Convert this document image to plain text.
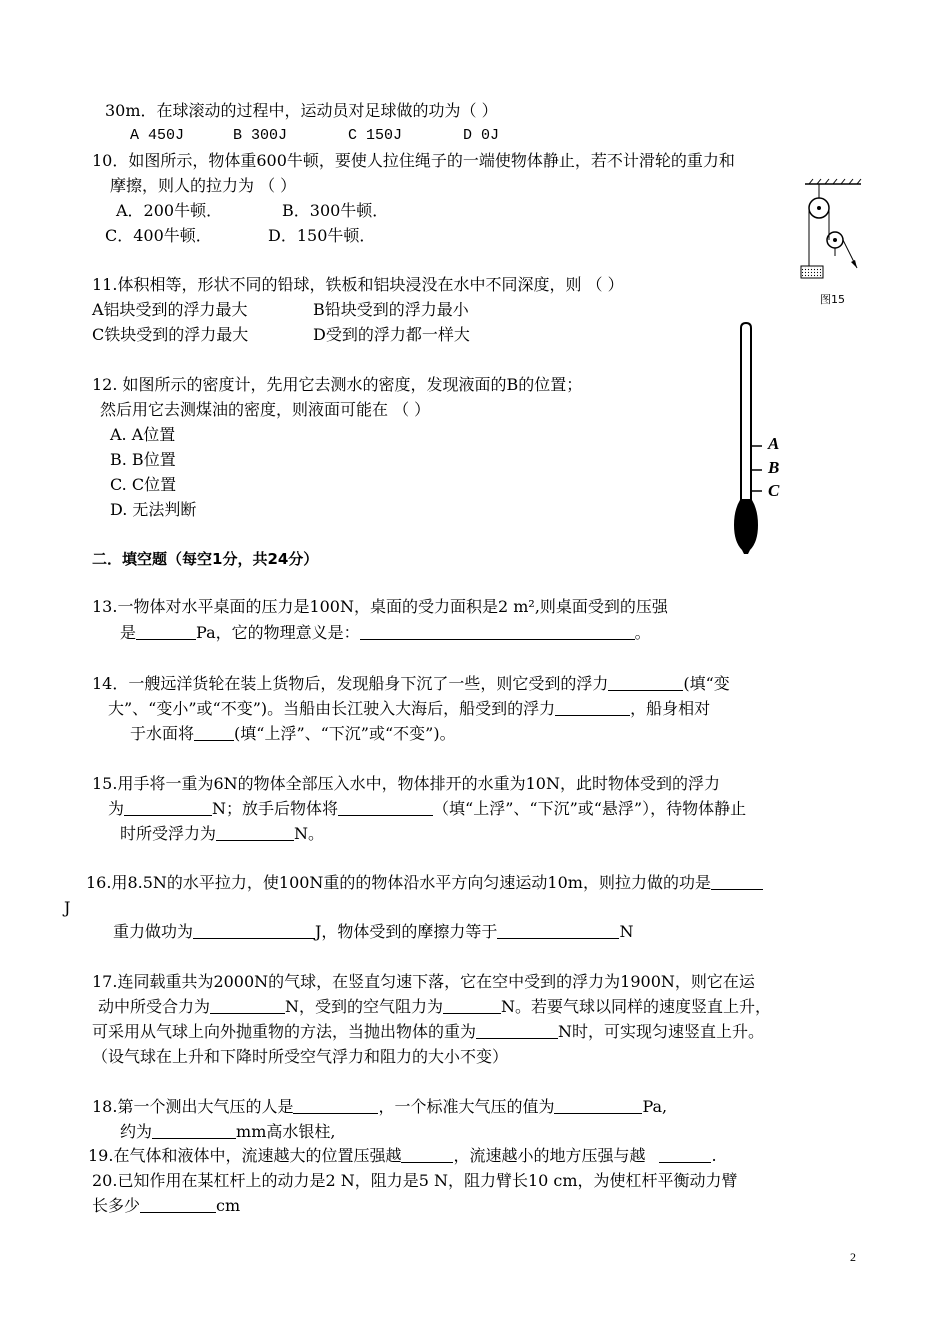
30m．在球滚动的过程中，运动员对足球做的功为（ ）
A 450J	B 300J	C 150J	D 0J
10．如图所示，物体重600牛顿，要使人拉住绳子的一端使物体静止，若不计滑轮的重力和
摩擦，则人的拉力为 （ ）
A．200牛顿．	B．300牛顿．
C．400牛顿．	D．150牛顿．
图15
11.体积相等，形状不同的铅球，铁板和铝块浸没在水中不同深度，则 （ ）
A铝块受到的浮力最大	B铅块受到的浮力最小
C铁块受到的浮力最大	D受到的浮力都一样大
12. 如图所示的密度计，先用它去测水的密度，发现液面的B的位置；
然后用它去测煤油的密度，则液面可能在 （ ）
A. A位置
B. B位置
C. C位置
D. 无法判断
A
B
C
二．填空题（每空1分，共24分）
13.一物体对水平桌面的压力是100N，桌面的受力面积是2 m²,则桌面受到的压强
是	Pa，它的物理意义是：	。
14．一艘远洋货轮在装上货物后，发现船身下沉了一些，则它受到的浮力	(填“变
大”、“变小”或“不变”)。当船由长江驶入大海后，船受到的浮力	，船身相对
于水面将	(填“上浮”、“下沉”或“不变”)。
15.用手将一重为6N的物体全部压入水中，物体排开的水重为10N，此时物体受到的浮力
为	N；放手后物体将	（填“上浮”、“下沉”或“悬浮”），待物体静止
时所受浮力为	N。
16.用8.5N的水平拉力，使100N重的的物体沿水平方向匀速运动10m，则拉力做的功是
J
重力做功为	J，物体受到的摩擦力等于	N
17.连同载重共为2000N的气球，在竖直匀速下落，它在空中受到的浮力为1900N，则它在运
动中所受合力为	N，受到的空气阻力为	N。若要气球以同样的速度竖直上升，
可采用从气球上向外抛重物的方法，当抛出物体的重为	N时，可实现匀速竖直上升。
（设气球在上升和下降时所受空气浮力和阻力的大小不变）
18.第一个测出大气压的人是	，一个标准大气压的值为	Pa,
约为	mm高水银柱,
19.在气体和液体中，流速越大的位置压强越	，流速越小的地方压强与越	.
20.已知作用在某杠杆上的动力是2 N，阻力是5 N，阻力臂长10 cm，为使杠杆平衡动力臂
长多少	cm
2
